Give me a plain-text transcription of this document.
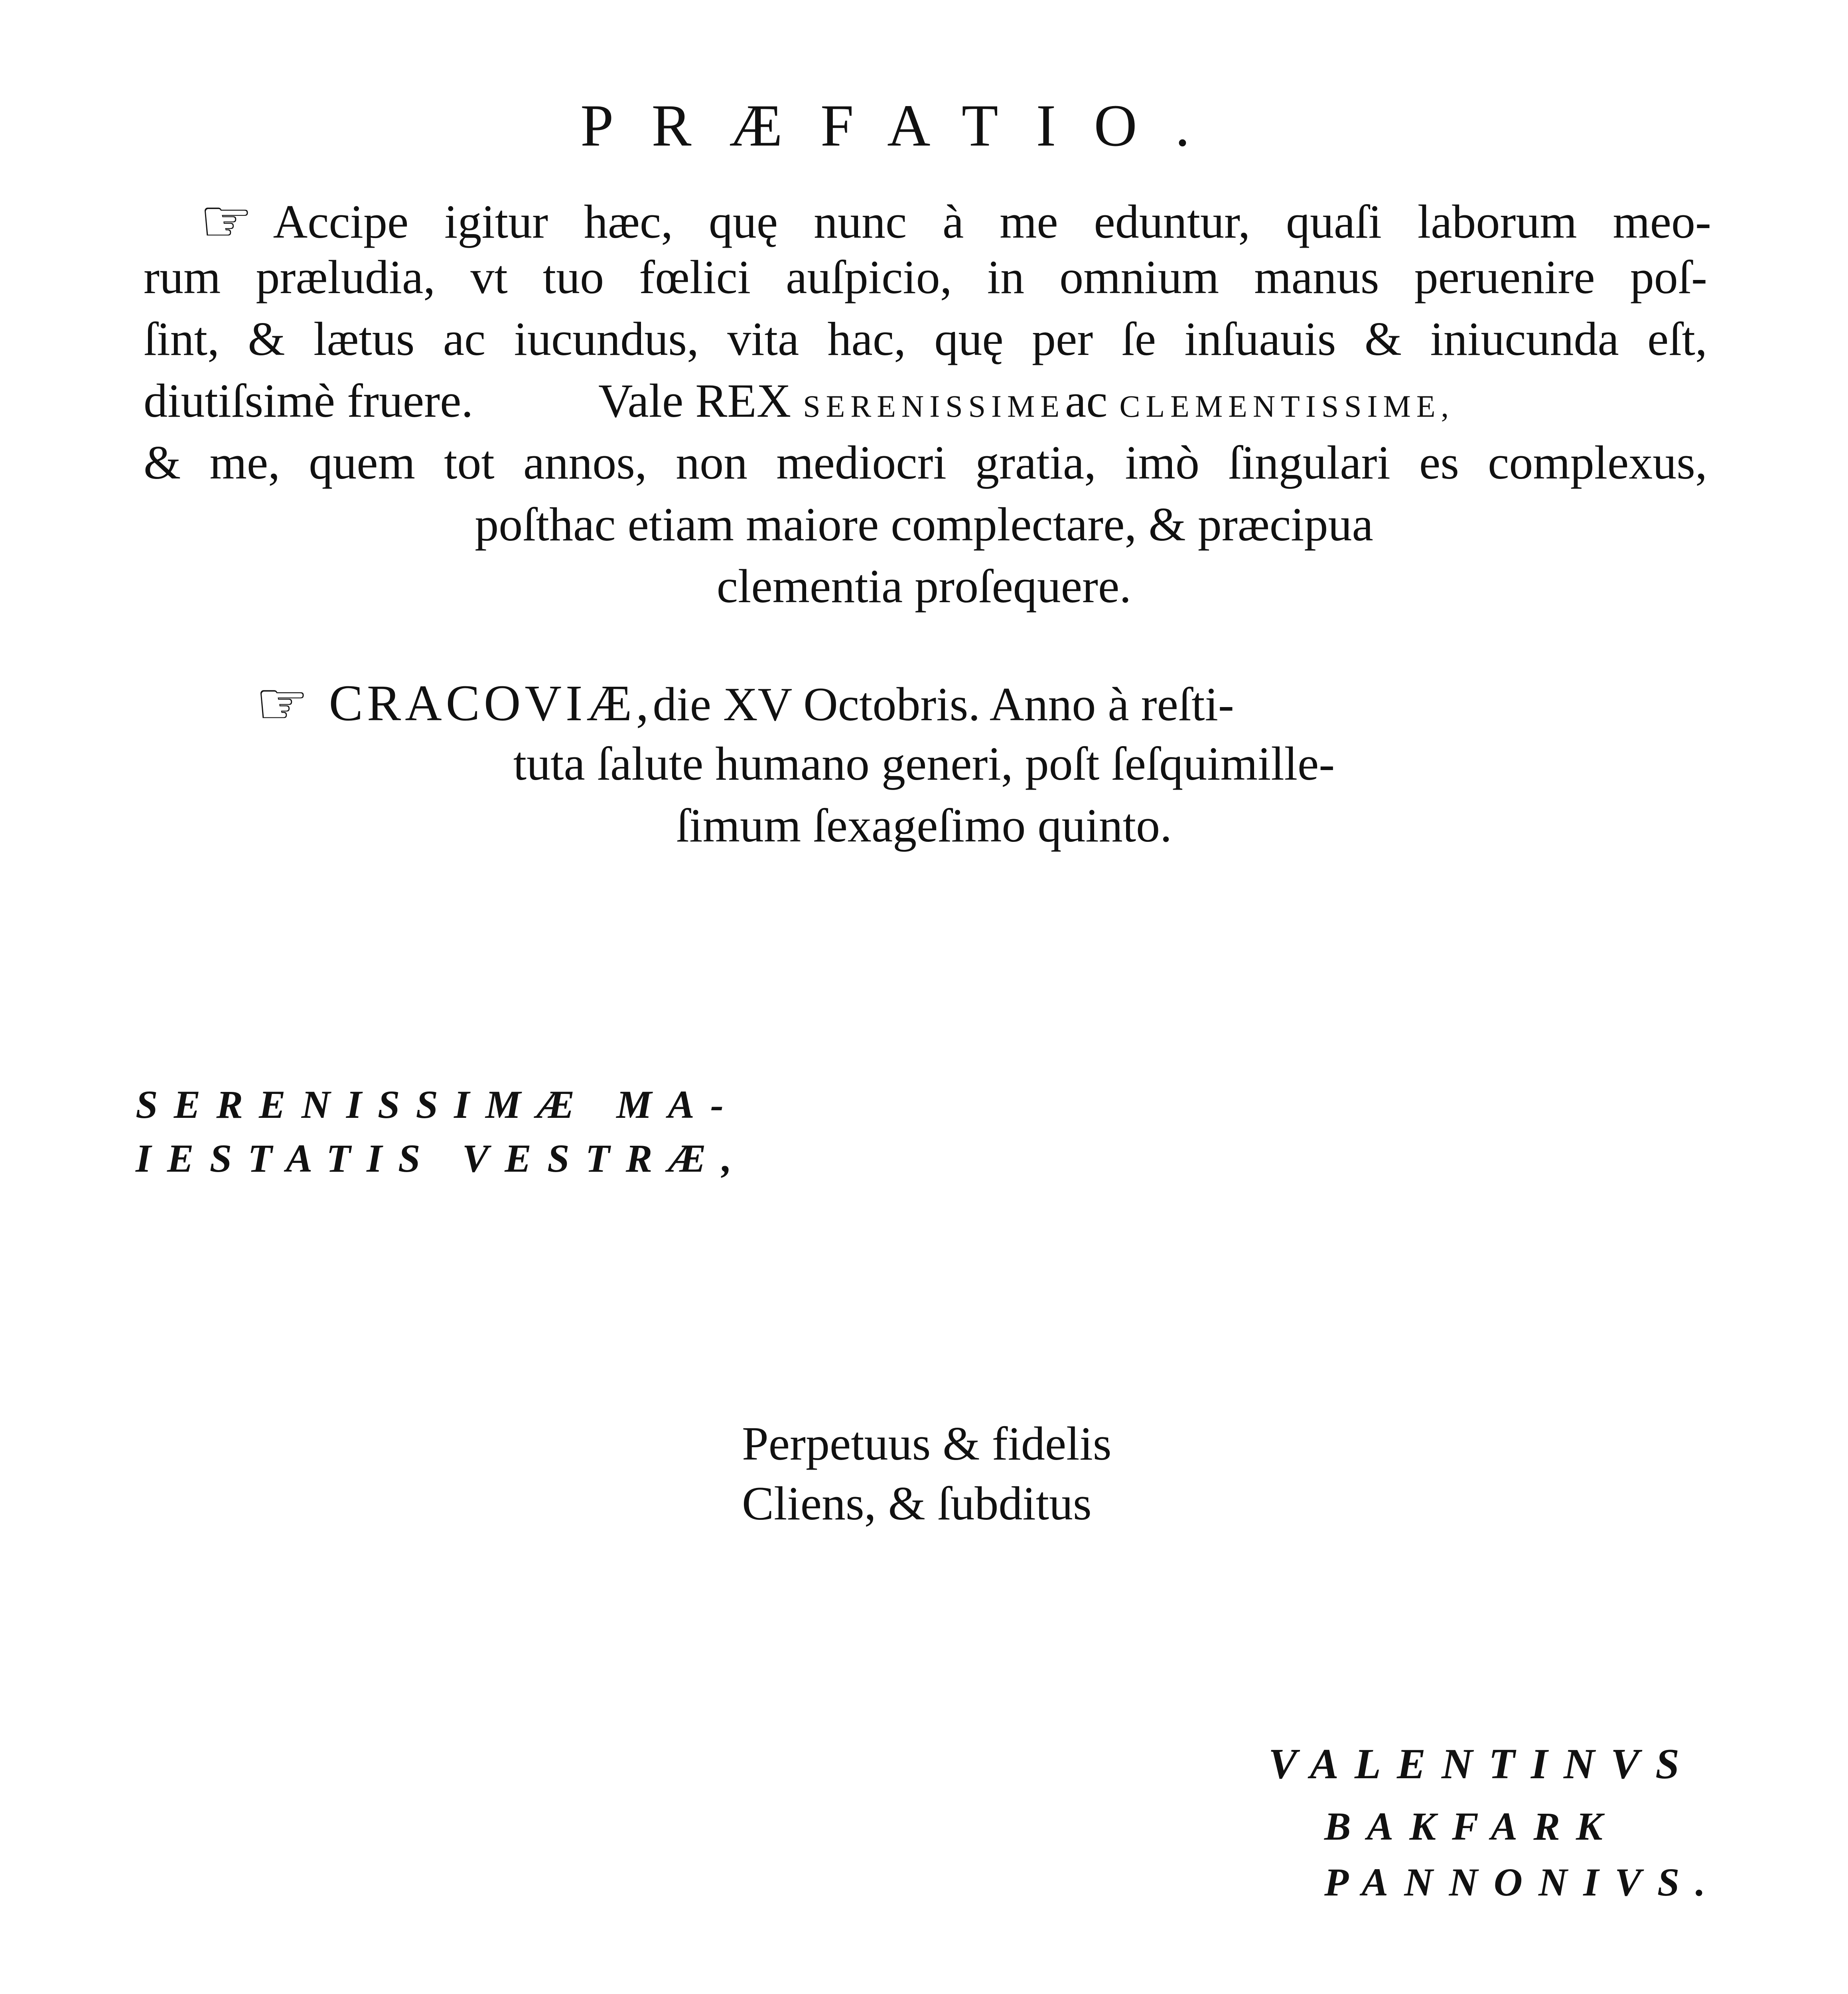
PRÆFATIO.
☞ Accipe igitur hæc, quę nunc à me eduntur, quaſi laborum meo-
rum præludia, vt tuo fœlici auſpicio, in omnium manus peruenire poſ-
ſint, & lætus ac iucundus, vita hac, quę per ſe inſuauis & iniucunda eſt,
diutiſsimè fruere.	Vale REX SERENISSIMEac CLEMENTISSIME,
& me, quem tot annos, non mediocri gratia, imò ſingulari es complexus,
poſthac etiam maiore complectare, & præcipua
clementia proſequere.
☞ CRACOVIÆ,die XV Octobris. Anno à reſti-
tuta ſalute humano generi, poſt ſeſquimille-
ſimum ſexageſimo quinto.
SERENISSIMÆ MA-
IESTATIS VESTRÆ,
Perpetuus & fidelis
Cliens, & ſubditus
VALENTINVS
BAKFARK
PANNONIVS.
